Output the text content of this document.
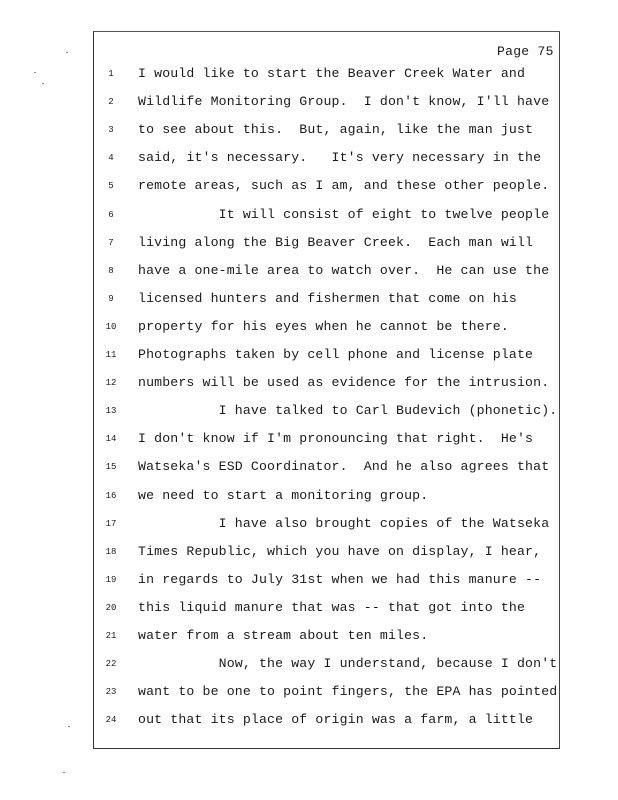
Page 75
1	I would like to start the Beaver Creek Water and
2	Wildlife Monitoring Group.  I don't know, I'll have
3	to see about this.  But, again, like the man just
4	said, it's necessary.   It's very necessary in the
5	remote areas, such as I am, and these other people.
6	It will consist of eight to twelve people
7	living along the Big Beaver Creek.  Each man will
8	have a one-mile area to watch over.  He can use the
9	licensed hunters and fishermen that come on his
10	property for his eyes when he cannot be there.
11	Photographs taken by cell phone and license plate
12	numbers will be used as evidence for the intrusion.
13	I have talked to Carl Budevich (phonetic).
14	I don't know if I'm pronouncing that right.  He's
15	Watseka's ESD Coordinator.  And he also agrees that
16	we need to start a monitoring group.
17	I have also brought copies of the Watseka
18	Times Republic, which you have on display, I hear,
19	in regards to July 31st when we had this manure --
20	this liquid manure that was -- that got into the
21	water from a stream about ten miles.
22	Now, the way I understand, because I don't
23	want to be one to point fingers, the EPA has pointed
24	out that its place of origin was a farm, a little
